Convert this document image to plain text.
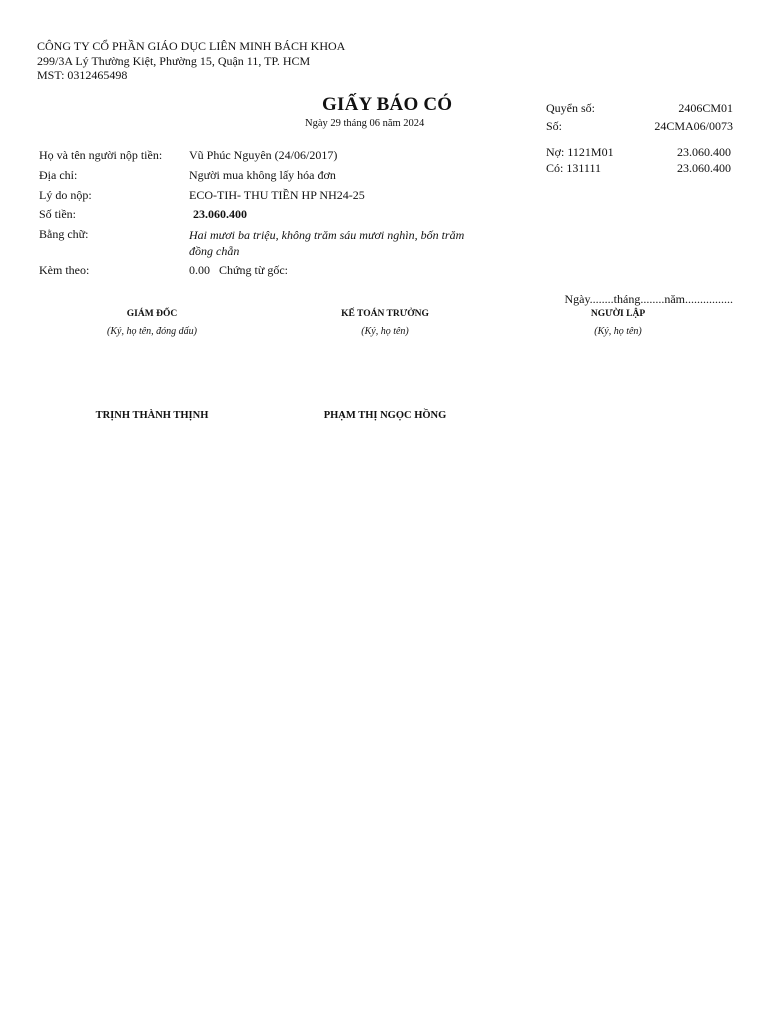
CÔNG TY CỔ PHẦN GIÁO DỤC LIÊN MINH BÁCH KHOA
299/3A Lý Thường Kiệt, Phường 15, Quận 11, TP. HCM
MST: 0312465498
GIẤY BÁO CÓ
Ngày 29 tháng 06 năm 2024
Quyển số:	2406CM01
Số:	24CMA06/0073
Nợ: 1121M01	23.060.400
Có: 131111	23.060.400
Họ và tên người nộp tiền: Vũ Phúc Nguyên (24/06/2017)
Địa chỉ:	Người mua không lấy hóa đơn
Lý do nộp:	ECO-TIH- THU TIỀN HP NH24-25
Số tiền:	23.060.400
Bằng chữ:	Hai mươi ba triệu, không trăm sáu mươi nghìn, bốn trăm đồng chẵn
Kèm theo:	0.00 Chứng từ gốc:
Ngày........tháng........năm................
GIÁM ĐỐC	KẾ TOÁN TRƯỞNG	NGƯỜI LẬP
(Ký, họ tên, đóng dấu)	(Ký, họ tên)	(Ký, họ tên)
TRỊNH THÀNH THỊNH	PHẠM THỊ NGỌC HỒNG
